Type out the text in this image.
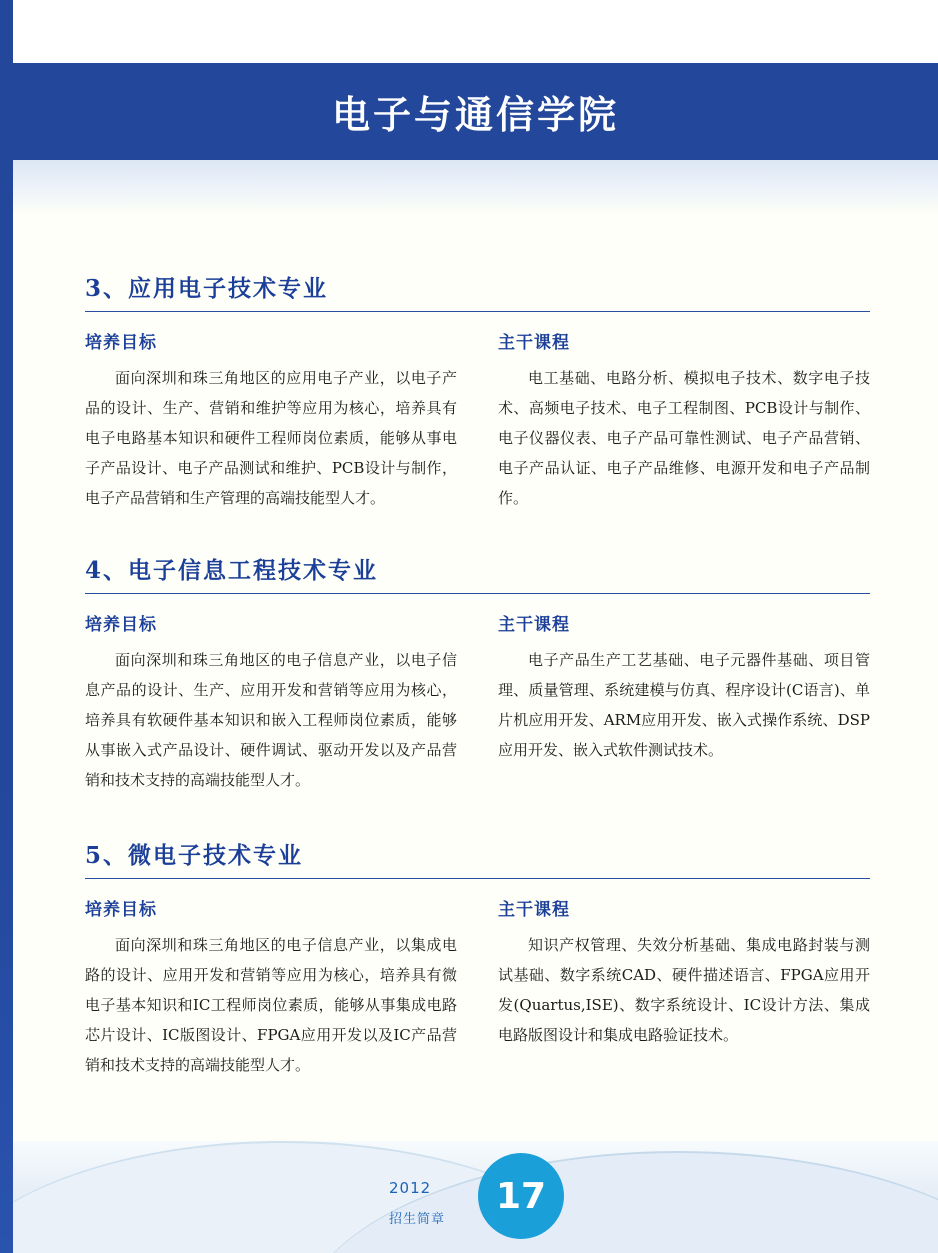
电子与通信学院
3、应用电子技术专业
培养目标
面向深圳和珠三角地区的应用电子产业，以电子产品的设计、生产、营销和维护等应用为核心，培养具有电子电路基本知识和硬件工程师岗位素质，能够从事电子产品设计、电子产品测试和维护、PCB设计与制作，电子产品营销和生产管理的高端技能型人才。
主干课程
电工基础、电路分析、模拟电子技术、数字电子技术、高频电子技术、电子工程制图、PCB设计与制作、电子仪器仪表、电子产品可靠性测试、电子产品营销、电子产品认证、电子产品维修、电源开发和电子产品制作。
4、电子信息工程技术专业
培养目标
面向深圳和珠三角地区的电子信息产业，以电子信息产品的设计、生产、应用开发和营销等应用为核心，培养具有软硬件基本知识和嵌入工程师岗位素质，能够从事嵌入式产品设计、硬件调试、驱动开发以及产品营销和技术支持的高端技能型人才。
主干课程
电子产品生产工艺基础、电子元器件基础、项目管理、质量管理、系统建模与仿真、程序设计(C语言)、单片机应用开发、ARM应用开发、嵌入式操作系统、DSP应用开发、嵌入式软件测试技术。
5、微电子技术专业
培养目标
面向深圳和珠三角地区的电子信息产业，以集成电路的设计、应用开发和营销等应用为核心，培养具有微电子基本知识和IC工程师岗位素质，能够从事集成电路芯片设计、IC版图设计、FPGA应用开发以及IC产品营销和技术支持的高端技能型人才。
主干课程
知识产权管理、失效分析基础、集成电路封装与测试基础、数字系统CAD、硬件描述语言、FPGA应用开发(Quartus,ISE)、数字系统设计、IC设计方法、集成电路版图设计和集成电路验证技术。
2012
招生简章
17
